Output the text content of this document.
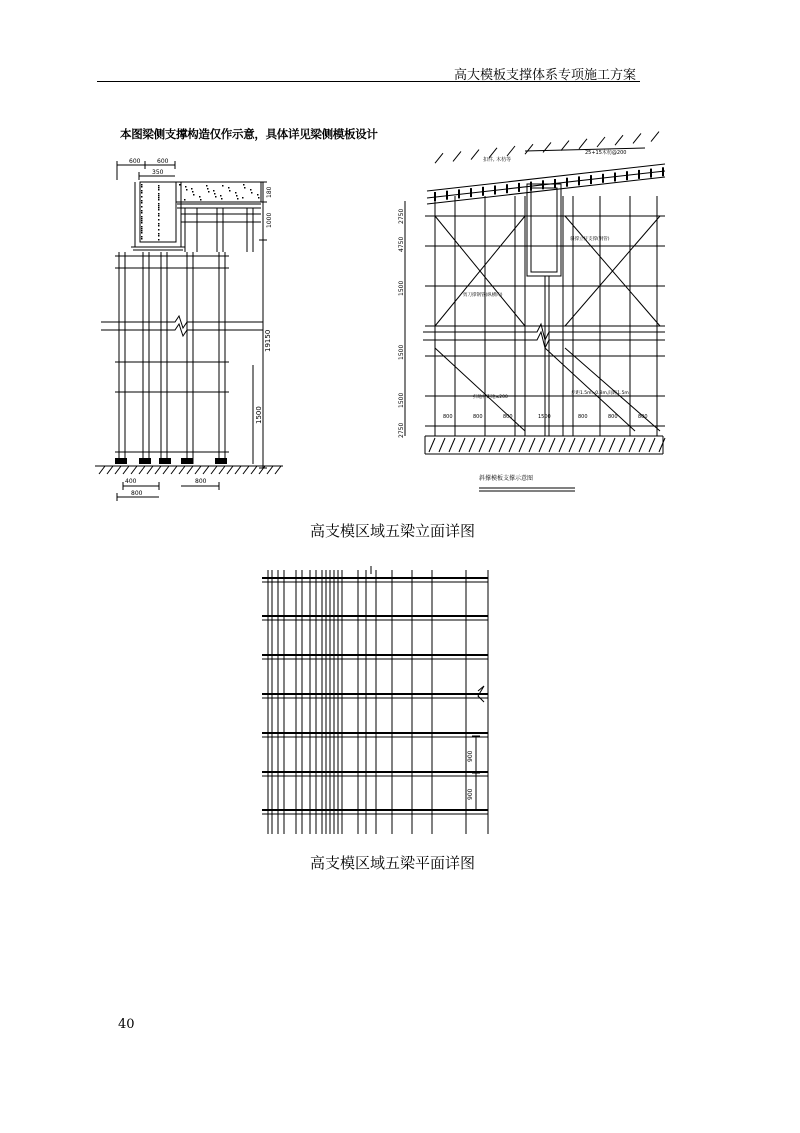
高大模板支撑体系专项施工方案
本图梁侧支撑构造仅作示意，具体详见梁侧模板设计
600	600
350
180
1000
19150
1500
400	800
800
扣件, 木枋等
25+15木枋@200
斜撑立杆支撑(钢管)
剪刀撑钢管(纵横向)
扫地杆距地≤200
步距1.5m=0.8m,间距1.5m
斜撑模板支撑示意图
2750
4750
1500
1500
1500
2750
800	800	800	1500	800	800	800
高支模区域五梁立面详图
900
900
高支模区域五梁平面详图
40
